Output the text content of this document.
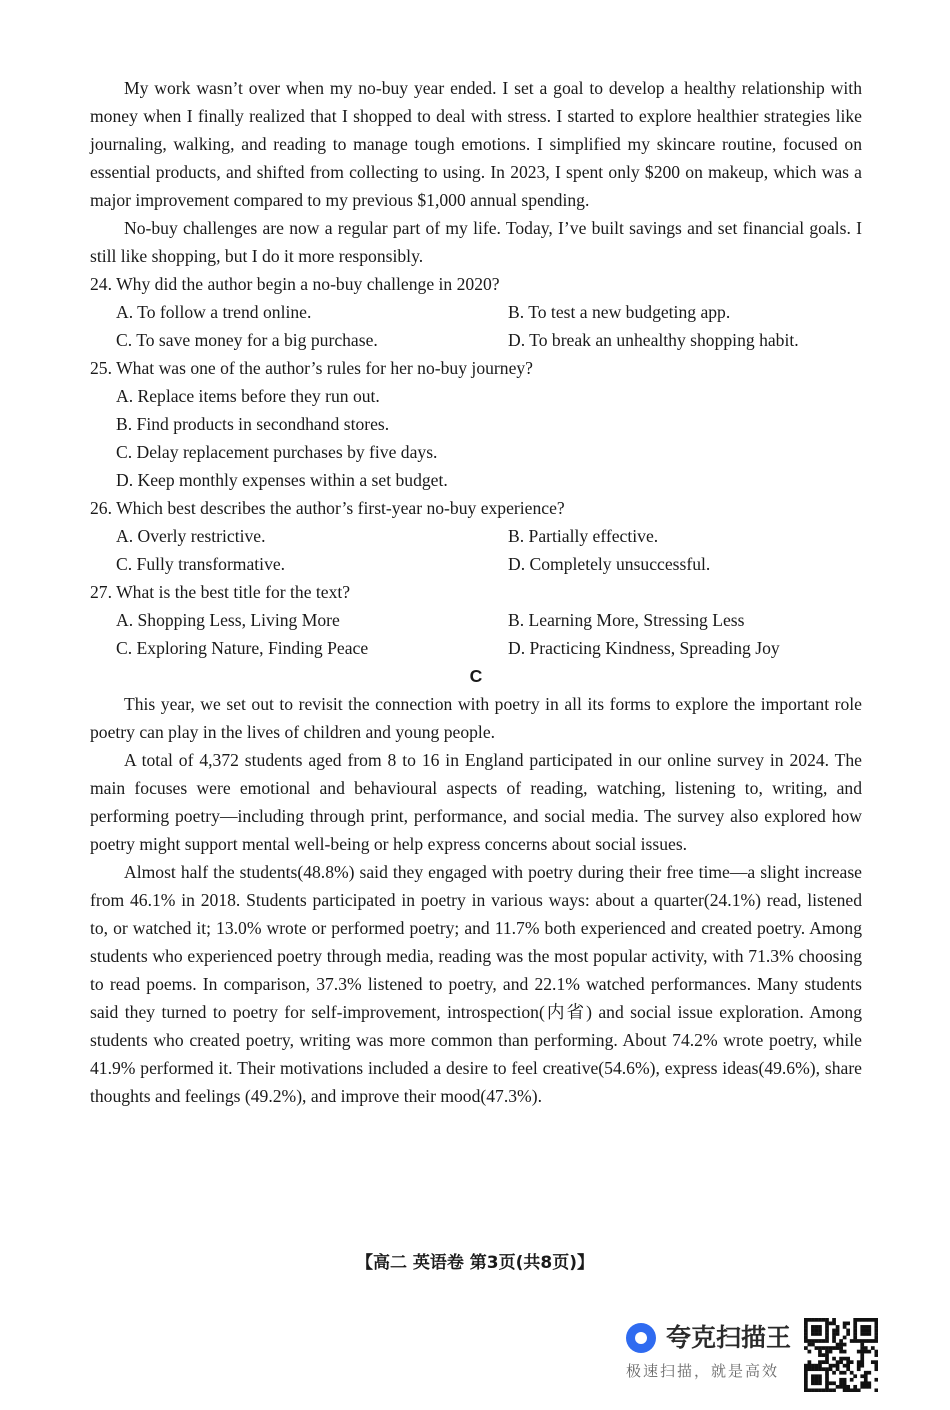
My work wasn’t over when my no-buy year ended. I set a goal to develop a healthy relationship with money when I finally realized that I shopped to deal with stress. I started to explore healthier strategies like journaling, walking, and reading to manage tough emotions. I simplified my skincare routine, focused on essential products, and shifted from collecting to using. In 2023, I spent only $200 on makeup, which was a major improvement compared to my previous $1,000 annual spending.

No-buy challenges are now a regular part of my life. Today, I’ve built savings and set financial goals. I still like shopping, but I do it more responsibly.

24. Why did the author begin a no-buy challenge in 2020?

A. To follow a trend online.	B. To test a new budgeting app.
C. To save money for a big purchase.	D. To break an unhealthy shopping habit.

25. What was one of the author’s rules for her no-buy journey?

A. Replace items before they run out.

B. Find products in secondhand stores.

C. Delay replacement purchases by five days.

D. Keep monthly expenses within a set budget.

26. Which best describes the author’s first-year no-buy experience?

A. Overly restrictive.	B. Partially effective.
C. Fully transformative.	D. Completely unsuccessful.

27. What is the best title for the text?

A. Shopping Less, Living More	B. Learning More, Stressing Less
C. Exploring Nature, Finding Peace	D. Practicing Kindness, Spreading Joy

C

This year, we set out to revisit the connection with poetry in all its forms to explore the important role poetry can play in the lives of children and young people.

A total of 4,372 students aged from 8 to 16 in England participated in our online survey in 2024. The main focuses were emotional and behavioural aspects of reading, watching, listening to, writing, and performing poetry—including through print, performance, and social media. The survey also explored how poetry might support mental well-being or help express concerns about social issues.

Almost half the students(48.8%) said they engaged with poetry during their free time—a slight increase from 46.1% in 2018. Students participated in poetry in various ways: about a quarter(24.1%) read, listened to, or watched it; 13.0% wrote or performed poetry; and 11.7% both experienced and created poetry. Among students who experienced poetry through media, reading was the most popular activity, with 71.3% choosing to read poems. In comparison, 37.3% listened to poetry, and 22.1% watched performances. Many students said they turned to poetry for self-improvement, introspection(内省) and social issue exploration. Among students who created poetry, writing was more common than performing. About 74.2% wrote poetry, while 41.9% performed it. Their motivations included a desire to feel creative(54.6%), express ideas(49.6%), share thoughts and feelings (49.2%), and improve their mood(47.3%).

【高二 英语卷 第3页(共8页)】
夸克扫描王
极速扫描，就是高效
